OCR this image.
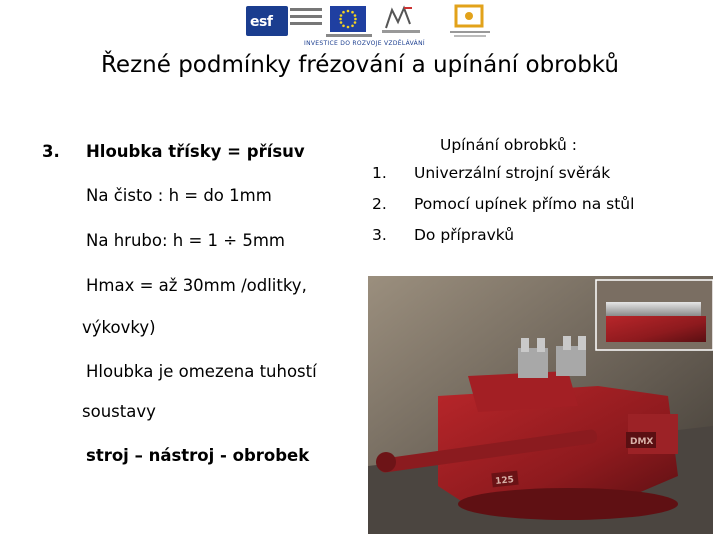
esf
INVESTICE DO ROZVOJE VZDĚLÁVÁNÍ
Řezné podmínky frézování a upínání obrobků
3. Hloubka třísky = přísuv
Na čisto : h = do 1mm
Na hrubo: h = 1 ÷ 5mm
Hmax = až 30mm /odlitky,
výkovky)
Hloubka je omezena tuhostí
soustavy
stroj – nástroj - obrobek
Upínání obrobků :
1.	Univerzální strojní svěrák
2.	Pomocí upínek přímo na stůl
3.	Do přípravků
125
DMX
